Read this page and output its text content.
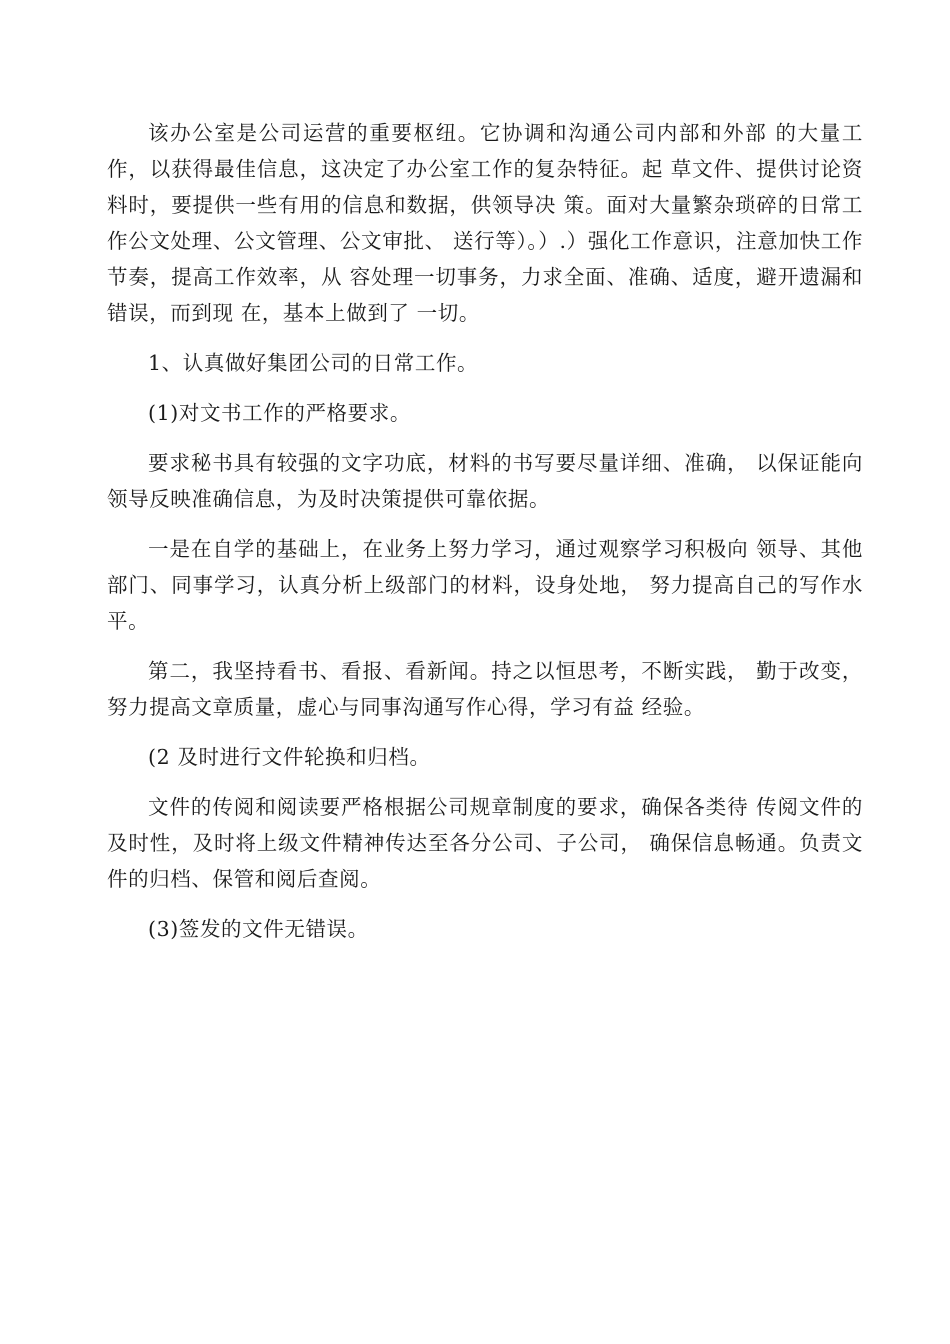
该办公室是公司运营的重要枢纽。它协调和沟通公司内部和外部 的大量工作，以获得最佳信息，这决定了办公室工作的复杂特征。起 草文件、提供讨论资料时，要提供一些有用的信息和数据，供领导决 策。面对大量繁杂琐碎的日常工作公文处理、公文管理、公文审批、 送行等）。）.）强化工作意识，注意加快工作节奏，提高工作效率，从 容处理一切事务，力求全面、准确、适度，避开遗漏和错误，而到现 在，基本上做到了 一切。

1、认真做好集团公司的日常工作。

(1)对文书工作的严格要求。

要求秘书具有较强的文字功底，材料的书写要尽量详细、准确， 以保证能向领导反映准确信息，为及时决策提供可靠依据。

一是在自学的基础上，在业务上努力学习，通过观察学习积极向 领导、其他部门、同事学习，认真分析上级部门的材料，设身处地， 努力提高自己的写作水平。

第二，我坚持看书、看报、看新闻。持之以恒思考，不断实践， 勤于改变，努力提高文章质量，虚心与同事沟通写作心得，学习有益 经验。

(2 及时进行文件轮换和归档。

文件的传阅和阅读要严格根据公司规章制度的要求，确保各类待 传阅文件的及时性，及时将上级文件精神传达至各分公司、子公司， 确保信息畅通。负责文件的归档、保管和阅后查阅。

(3)签发的文件无错误。
